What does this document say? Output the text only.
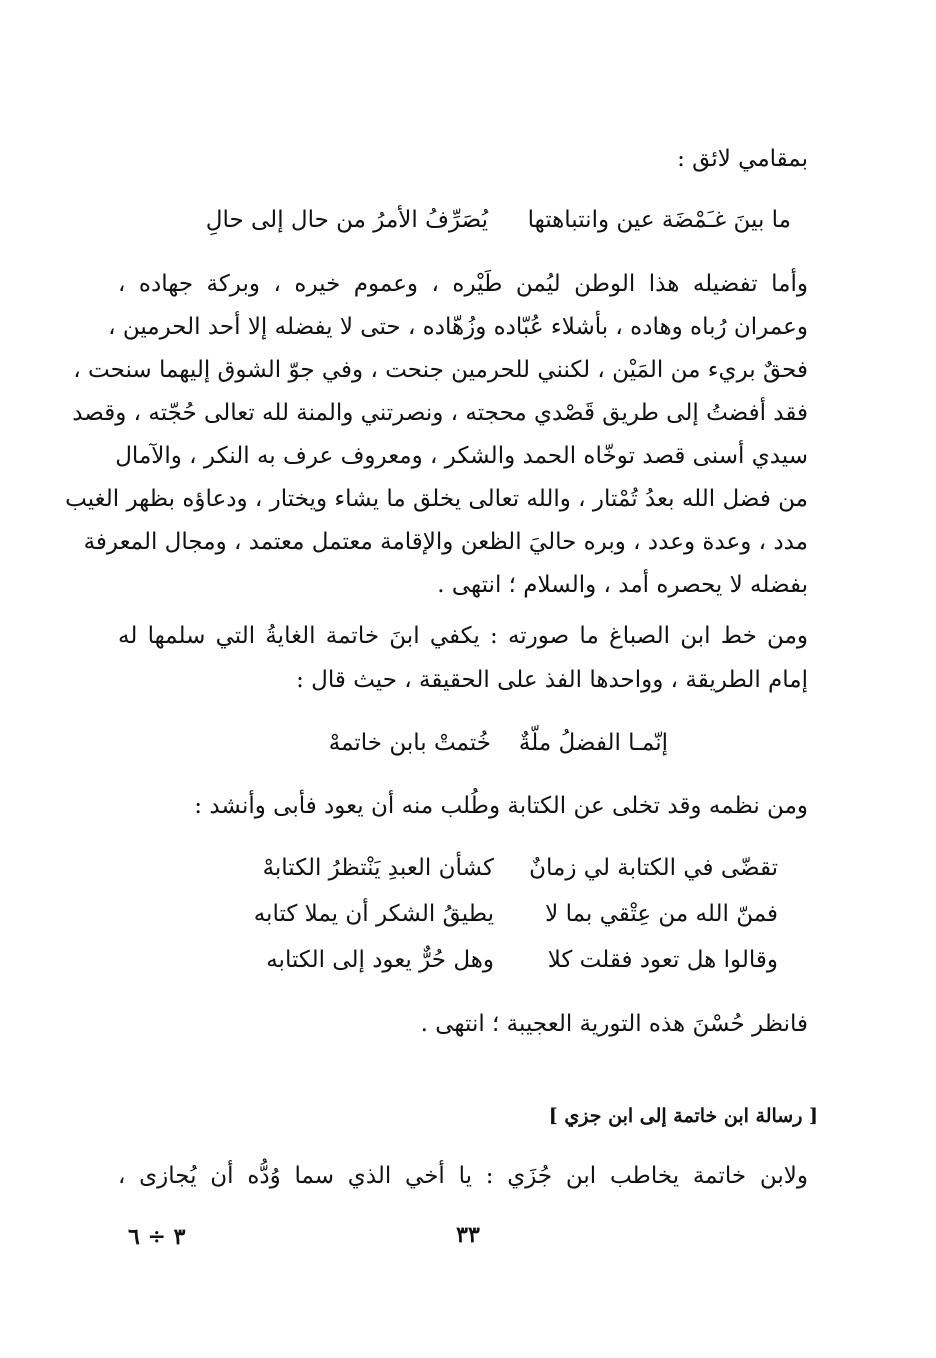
بمقامي لائق :
ما بينَ غـَمْضَة عين وانتباهتها
يُصَرِّفُ الأمرُ من حال إلى حالِ
وأما تفضيله هذا الوطن ليُمن طَيْره ، وعموم خيره ، وبركة جهاده ،
وعمران رُباه وهاده ، بأشلاء عُبّاده وزُهّاده ، حتى لا يفضله إلا أحد الحرمين ،
فحقٌ بريء من المَيْن ، لكنني للحرمين جنحت ، وفي جوّ الشوق إليهما سنحت ،
فقد أفضتُ إلى طريق قَصْدي محجته ، ونصرتني والمنة لله تعالى حُجّته ، وقصد
سيدي أسنى قصد توخّاه الحمد والشكر ، ومعروف عرف به النكر ، والآمال
من فضل الله بعدُ تُمْتار ، والله تعالى يخلق ما يشاء ويختار ، ودعاؤه بظهر الغيب
مدد ، وعدة وعدد ، وبره حاليَ الظعن والإقامة معتمل معتمد ، ومجال المعرفة
بفضله لا يحصره أمد ، والسلام ؛ انتهى .
ومن خط ابن الصباغ ما صورته : يكفي ابنَ خاتمة الغايةُ التي سلمها له
إمام الطريقة ، وواحدها الفذ على الحقيقة ، حيث قال :
إنّمـا الفضلُ ملّةٌ
خُتمتْ بابن خاتمهْ
ومن نظمه وقد تخلى عن الكتابة وطُلب منه أن يعود فأبى وأنشد :
تقضّى في الكتابة لي زمانٌ
كشأن العبدِ يَنْتظرُ الكتابهْ
فمنّ الله من عِتْقي بما لا
يطيقُ الشكر أن يملا كتابه
وقالوا هل تعود فقلت كلا
وهل حُرٌّ يعود إلى الكتابه
فانظر حُسْنَ هذه التورية العجيبة ؛ انتهى .
[ رسالة ابن خاتمة إلى ابن جزي ]
ولابن خاتمة يخاطب ابن جُزَي : يا أخي الذي سما وُدُّه أن يُجازى ،
٣٣
٣ ÷ ٦
